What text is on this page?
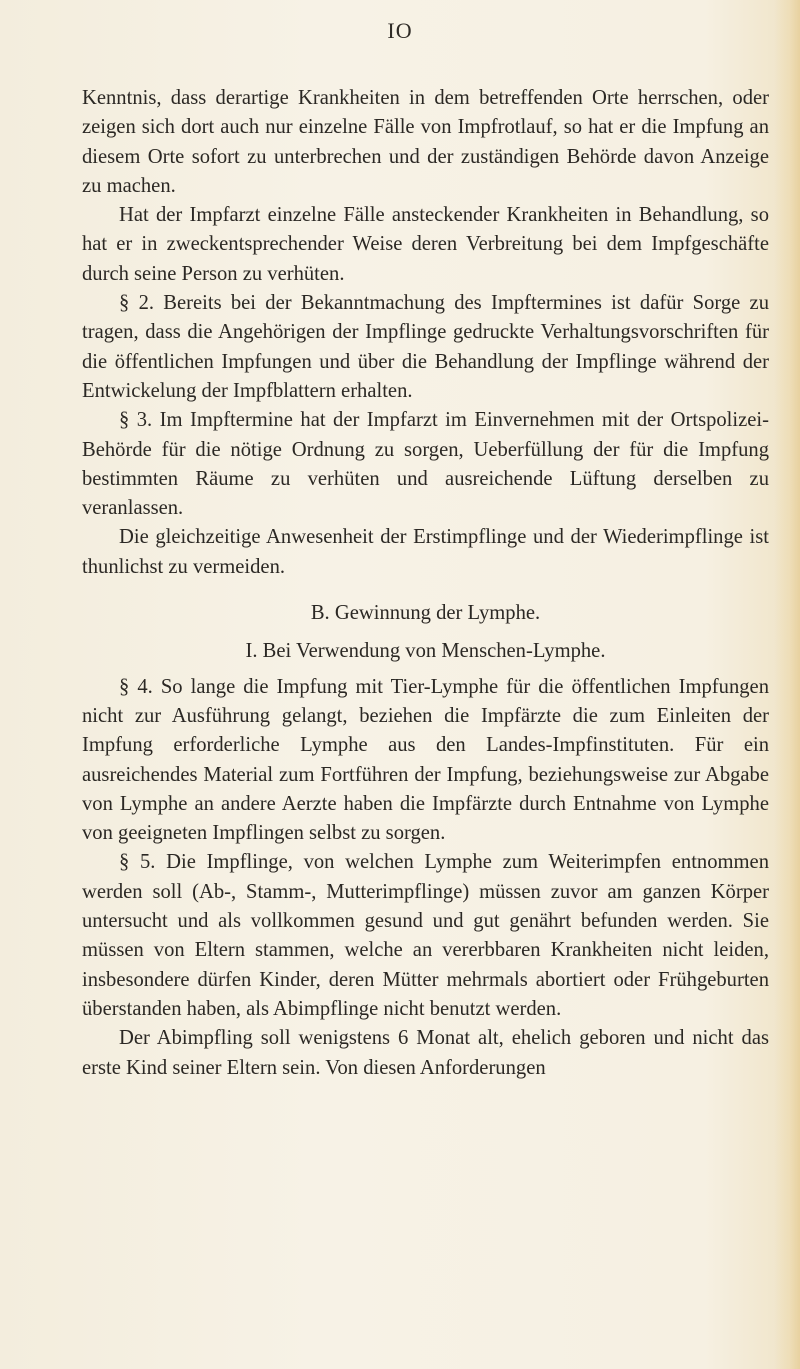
IO

Kenntnis, dass derartige Krankheiten in dem betreffenden Orte herrschen, oder zeigen sich dort auch nur einzelne Fälle von Impfrotlauf, so hat er die Impfung an diesem Orte sofort zu unterbrechen und der zuständigen Behörde davon Anzeige zu machen.

Hat der Impfarzt einzelne Fälle ansteckender Krankheiten in Behandlung, so hat er in zweckentsprechender Weise deren Verbreitung bei dem Impfgeschäfte durch seine Person zu verhüten.

§ 2. Bereits bei der Bekanntmachung des Impftermines ist dafür Sorge zu tragen, dass die Angehörigen der Impflinge gedruckte Verhaltungsvorschriften für die öffentlichen Impfungen und über die Behandlung der Impflinge während der Entwickelung der Impfblattern erhalten.

§ 3. Im Impftermine hat der Impfarzt im Einvernehmen mit der Ortspolizei-Behörde für die nötige Ordnung zu sorgen, Ueberfüllung der für die Impfung bestimmten Räume zu verhüten und ausreichende Lüftung derselben zu veranlassen.

Die gleichzeitige Anwesenheit der Erstimpflinge und der Wiederimpflinge ist thunlichst zu vermeiden.

B. Gewinnung der Lymphe.

I. Bei Verwendung von Menschen-Lymphe.

§ 4. So lange die Impfung mit Tier-Lymphe für die öffentlichen Impfungen nicht zur Ausführung gelangt, beziehen die Impfärzte die zum Einleiten der Impfung erforderliche Lymphe aus den Landes-Impfinstituten. Für ein ausreichendes Material zum Fortführen der Impfung, beziehungsweise zur Abgabe von Lymphe an andere Aerzte haben die Impfärzte durch Entnahme von Lymphe von geeigneten Impflingen selbst zu sorgen.

§ 5. Die Impflinge, von welchen Lymphe zum Weiterimpfen entnommen werden soll (Ab-, Stamm-, Mutterimpflinge) müssen zuvor am ganzen Körper untersucht und als vollkommen gesund und gut genährt befunden werden. Sie müssen von Eltern stammen, welche an vererbbaren Krankheiten nicht leiden, insbesondere dürfen Kinder, deren Mütter mehrmals abortiert oder Frühgeburten überstanden haben, als Abimpflinge nicht benutzt werden.

Der Abimpfling soll wenigstens 6 Monat alt, ehelich geboren und nicht das erste Kind seiner Eltern sein. Von diesen Anforderungen
